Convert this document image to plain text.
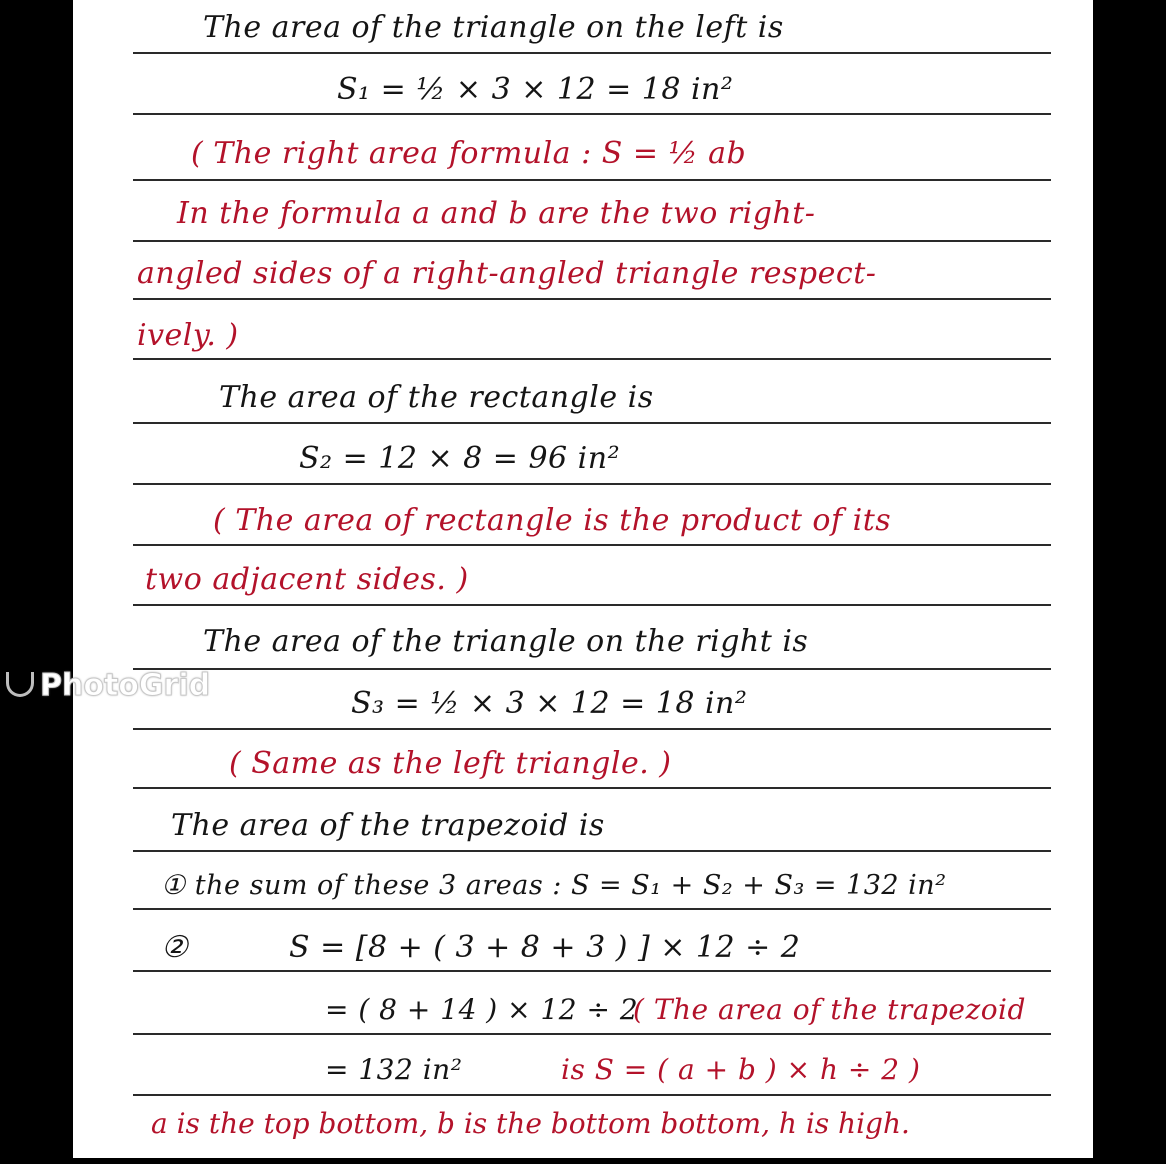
The area of the triangle on the left is
S₁ = ½ × 3 × 12 = 18 in²
( The right area formula : S = ½ ab
In the formula a and b are the two right-
angled sides of a right-angled triangle respect-
ively. )
The area of the rectangle is
S₂ = 12 × 8 = 96 in²
( The area of rectangle is the product of its
two adjacent sides. )
The area of the triangle on the right is
S₃ = ½ × 3 × 12 = 18 in²
( Same as the left triangle. )
The area of the trapezoid is
① the sum of these 3 areas : S = S₁ + S₂ + S₃ = 132 in²
②	S = [8 + ( 3 + 8 + 3 ) ] × 12 ÷ 2
= ( 8 + 14 ) × 12 ÷ 2
( The area of the trapezoid
= 132 in²	is S = ( a + b ) × h ÷ 2 )
a is the top bottom, b is the bottom bottom, h is high.
PhotoGrid
